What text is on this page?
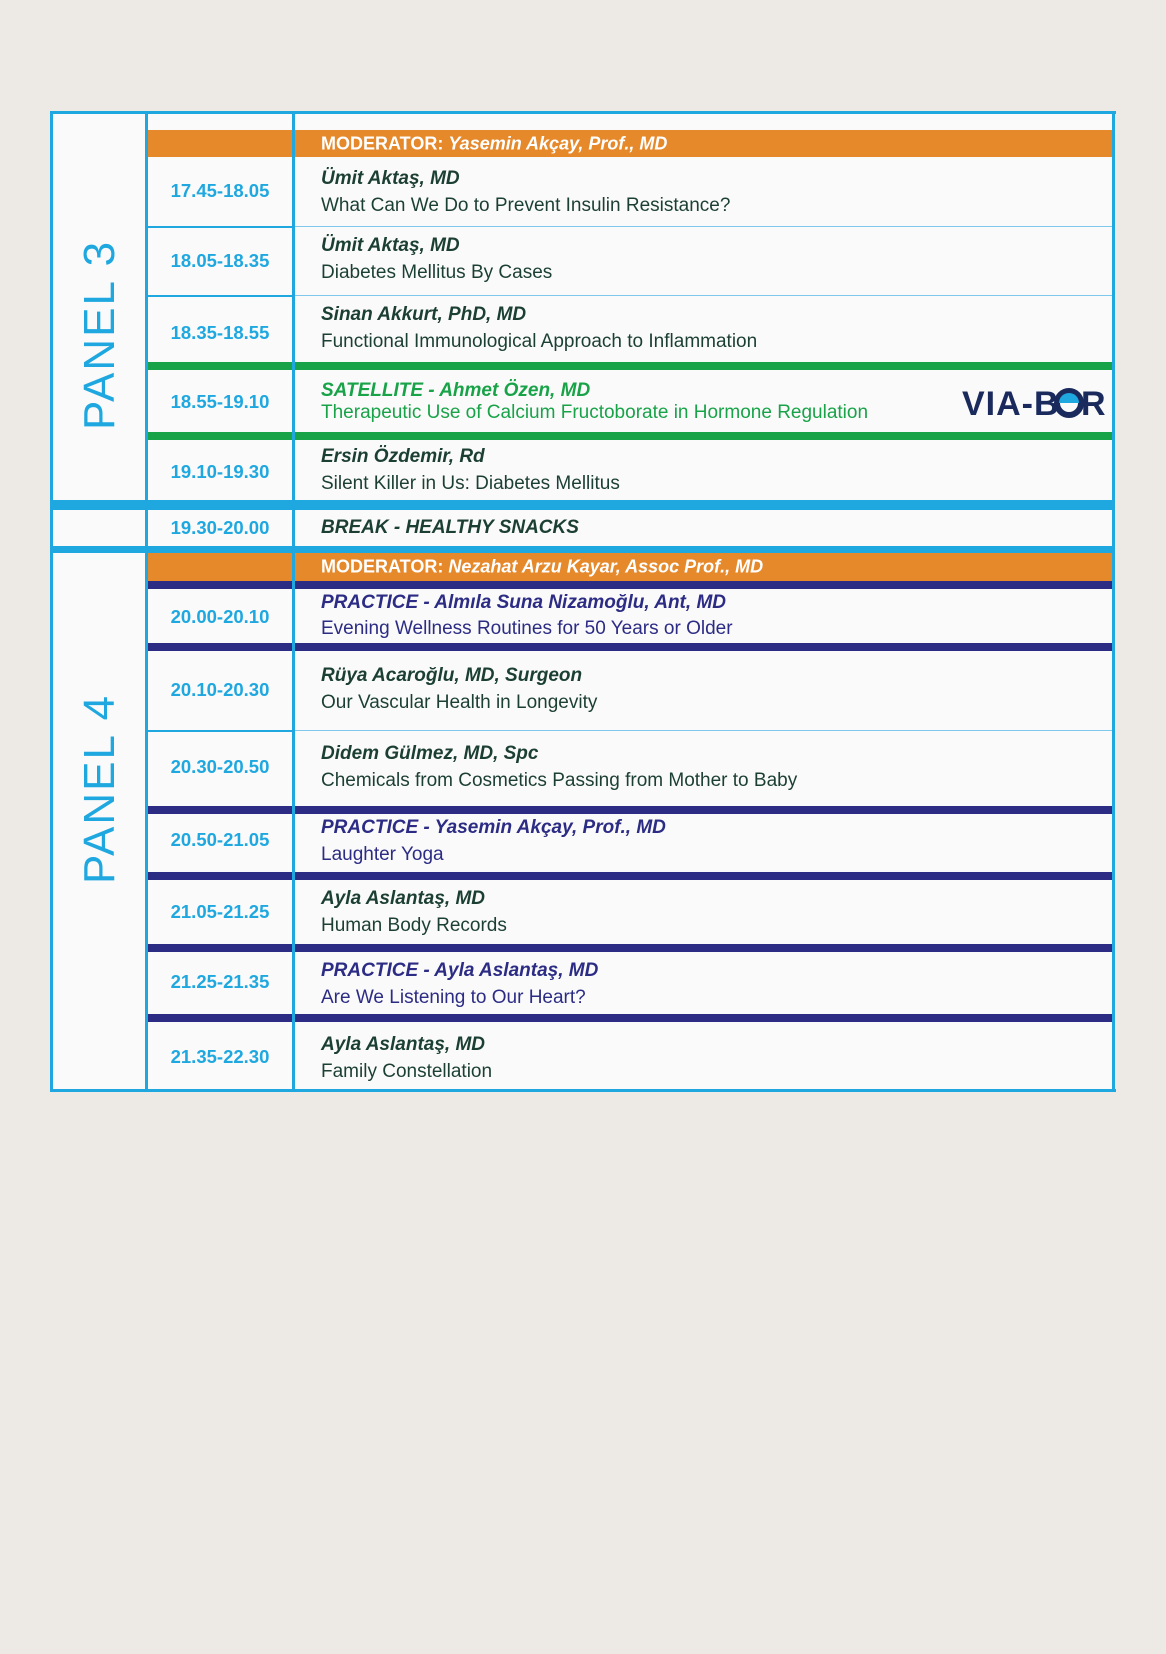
PANEL 3
PANEL 4
MODERATOR: Yasemin Akçay, Prof., MD
17.45-18.05
Ümit Aktaş, MD
What Can We Do to Prevent Insulin Resistance?
18.05-18.35
Ümit Aktaş, MD
Diabetes Mellitus By Cases
18.35-18.55
Sinan Akkurt, PhD, MD
Functional Immunological Approach to Inflammation
18.55-19.10
SATELLITE - Ahmet Özen, MD
Therapeutic Use of Calcium Fructoborate in Hormone Regulation	VIA-B R
19.10-19.30
Ersin Özdemir, Rd
Silent Killer in Us: Diabetes Mellitus
19.30-20.00	BREAK - HEALTHY SNACKS
MODERATOR: Nezahat Arzu Kayar, Assoc Prof., MD
20.00-20.10
PRACTICE - Almıla Suna Nizamoğlu, Ant, MD
Evening Wellness Routines for 50 Years or Older
20.10-20.30
Rüya Acaroğlu, MD, Surgeon
Our Vascular Health in Longevity
20.30-20.50
Didem Gülmez, MD, Spc
Chemicals from Cosmetics Passing from Mother to Baby
20.50-21.05
PRACTICE - Yasemin Akçay, Prof., MD
Laughter Yoga
21.05-21.25
Ayla Aslantaş, MD
Human Body Records
21.25-21.35
PRACTICE - Ayla Aslantaş, MD
Are We Listening to Our Heart?
21.35-22.30
Ayla Aslantaş, MD
Family Constellation
